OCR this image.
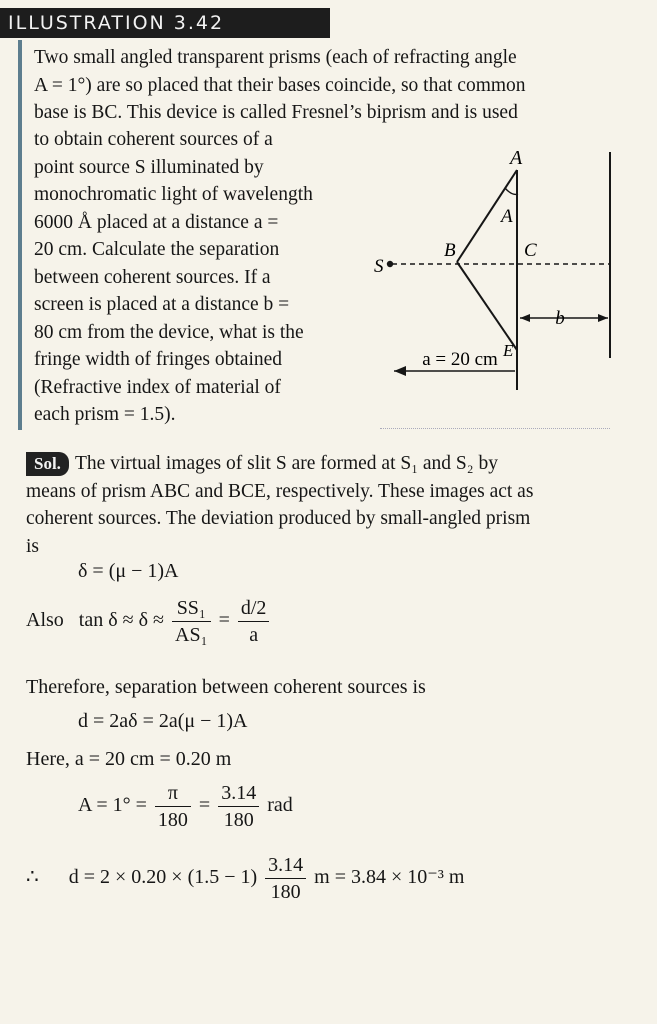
ILLUSTRATION 3.42
Two small angled transparent prisms (each of refracting angle
A = 1°) are so placed that their bases coincide, so that common
base is BC. This device is called Fresnel’s biprism and is used
to obtain coherent sources of a
point source S illuminated by
monochromatic light of wavelength
6000 Å placed at a distance a =
20 cm. Calculate the separation
between coherent sources. If a
screen is placed at a distance b =
80 cm from the device, what is the
fringe width of fringes obtained
(Refractive index of material of
each prism = 1.5).
A
A
B	C
S
E
b
a = 20 cm
Sol. The virtual images of slit S are formed at S₁ and S₂ by
means of prism ABC and BCE, respectively. These images act as
coherent sources. The deviation produced by small-angled prism
is
δ = (μ − 1)A
Also $\tan \delta \approx \delta \approx \frac{\text{SS₁}}{\text{AS₁}} = \frac{d/2}{a}$
Therefore, separation between coherent sources is
d = 2aδ = 2a(μ − 1)A
Here, a = 20 cm = 0.20 m
$A = 1^\circ = \frac{\pi}{180} = \frac{3.14}{180}$ rad
∴ $d = 2 \times 0.20 \times (1.5 - 1) \frac{3.14}{180}$ m = 3.84 × 10⁻³ m
